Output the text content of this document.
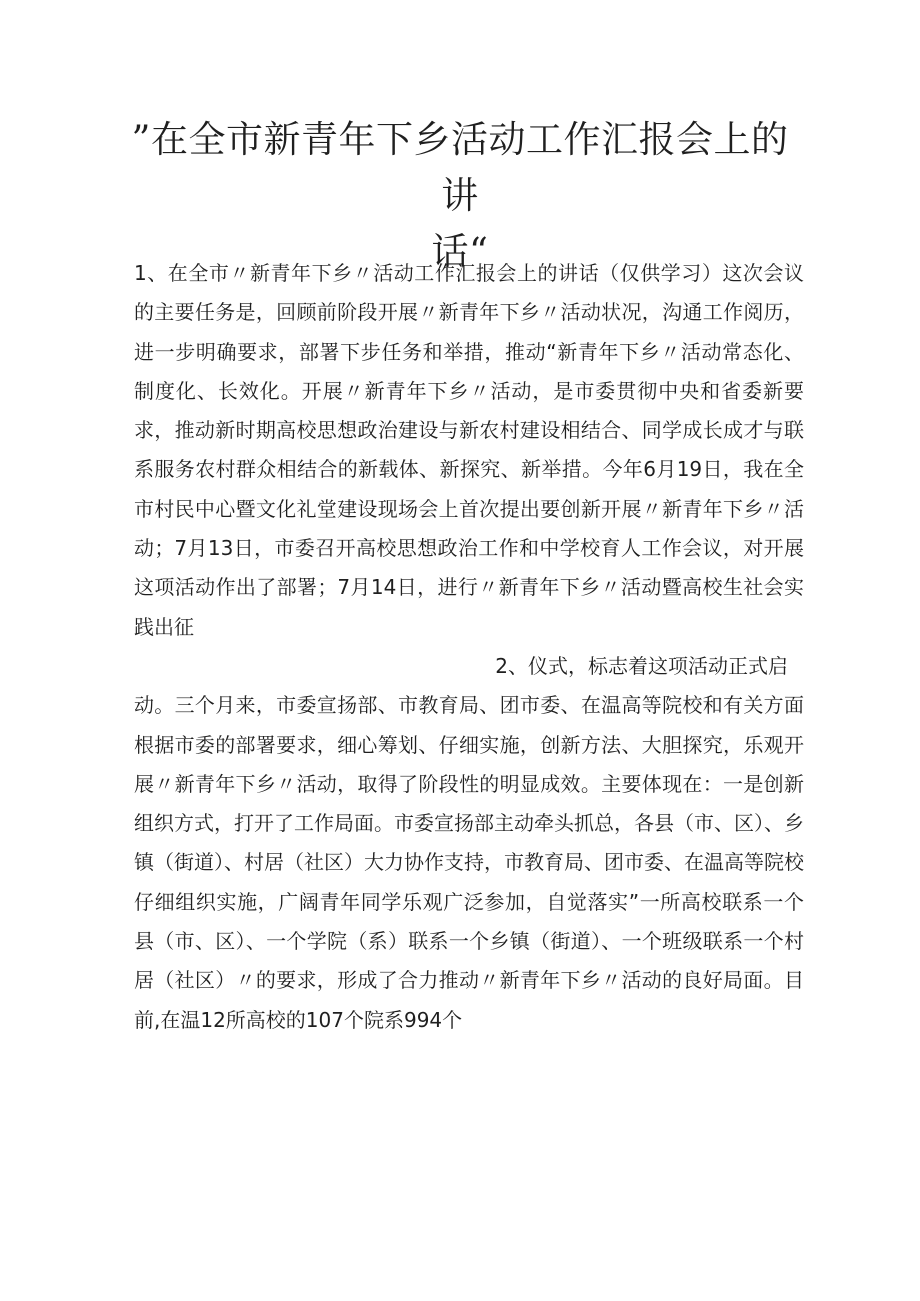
”在全市新青年下乡活动工作汇报会上的讲
话“

1、在全市〃新青年下乡〃活动工作汇报会上的讲话（仅供学习）这次会议的主要任务是，回顾前阶段开展〃新青年下乡〃活动状况，沟通工作阅历，进一步明确要求，部署下步任务和举措，推动“新青年下乡〃活动常态化、制度化、长效化。开展〃新青年下乡〃活动，是市委贯彻中央和省委新要求，推动新时期高校思想政治建设与新农村建设相结合、同学成长成才与联系服务农村群众相结合的新载体、新探究、新举措。今年6月19日，我在全市村民中心暨文化礼堂建设现场会上首次提出要创新开展〃新青年下乡〃活动；7月13日，市委召开高校思想政治工作和中学校育人工作会议，对开展这项活动作出了部署；7月14日，进行〃新青年下乡〃活动暨高校生社会实践出征

2、仪式，标志着这项活动正式启
动。三个月来，市委宣扬部、市教育局、团市委、在温高等院校和有关方面根据市委的部署要求，细心筹划、仔细实施，创新方法、大胆探究，乐观开展〃新青年下乡〃活动，取得了阶段性的明显成效。主要体现在：一是创新组织方式，打开了工作局面。市委宣扬部主动牵头抓总，各县（市、区）、乡镇（街道）、村居（社区）大力协作支持，市教育局、团市委、在温高等院校仔细组织实施，广阔青年同学乐观广泛参加，自觉落实”一所高校联系一个县（市、区）、一个学院（系）联系一个乡镇（街道）、一个班级联系一个村居（社区）〃的要求，形成了合力推动〃新青年下乡〃活动的良好局面。目前,在温12所高校的107个院系994个
